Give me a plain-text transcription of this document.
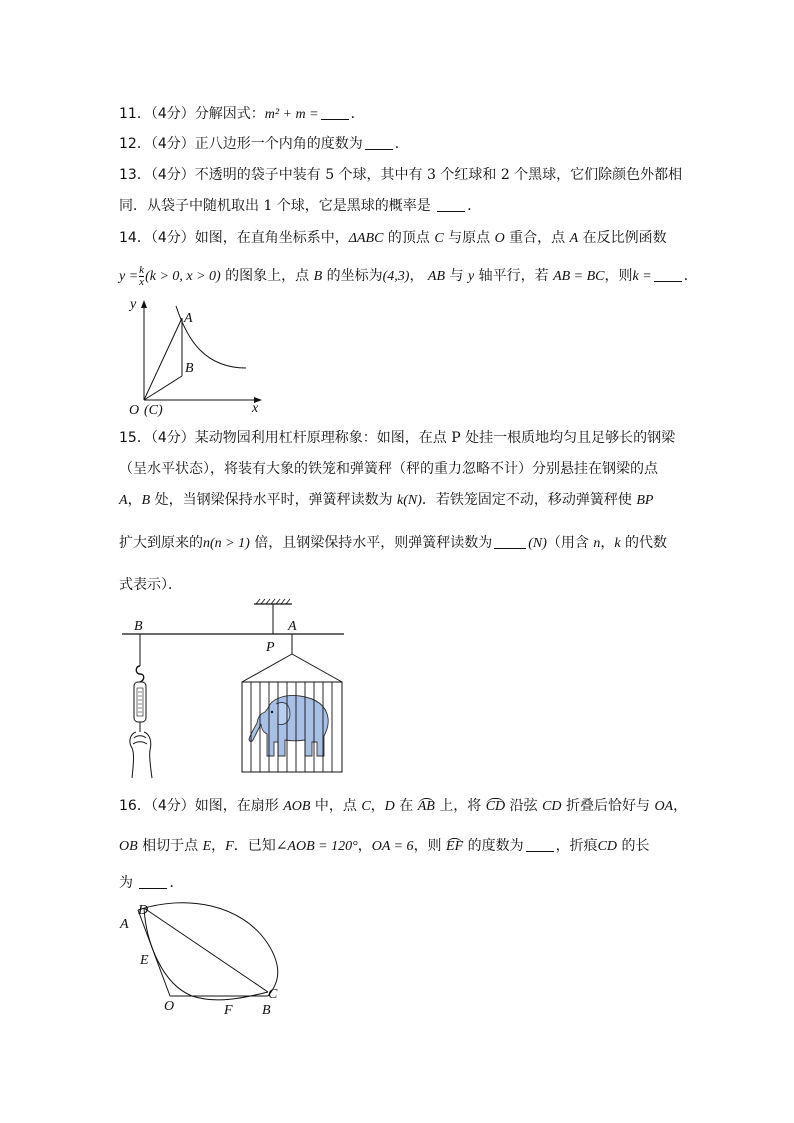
11．（4分）分解因式：m² + m = ．
12．（4分）正八边形一个内角的度数为 ．
13．（4分）不透明的袋子中装有 5 个球，其中有 3 个红球和 2 个黑球，它们除颜色外都相
同．从袋子中随机取出 1 个球，它是黑球的概率是	．
14．（4分）如图，在直角坐标系中，ΔABC 的顶点 C 与原点 O 重合，点 A 在反比例函数
$y = \frac{k}{x} (k > 0$, x > 0) 的图象上，点 B 的坐标为(4,3)， AB 与 y 轴平行，若 AB = BC，则k = ．
y
A
B
O (C)	x
15．（4分）某动物园利用杠杆原理称象：如图，在点 P 处挂一根质地均匀且足够长的钢梁
（呈水平状态），将装有大象的铁笼和弹簧秤（秤的重力忽略不计）分别悬挂在钢梁的点
A，B 处，当钢梁保持水平时，弹簧秤读数为 k(N)．若铁笼固定不动，移动弹簧秤使 BP
扩大到原来的n(n > 1) 倍，且钢梁保持水平，则弹簧秤读数为	(N)（用含 n，k 的代数
式表示）．
B	A
P
16．（4分）如图，在扇形 AOB 中，点 C，D 在 AB 上，将 CD 沿弦 CD 折叠后恰好与 OA，
OB 相切于点 E，F．已知∠AOB = 120°，OA = 6，则 EF 的度数为 ，折痕CD 的长
为	．
A
D
E
O	F
C
B
